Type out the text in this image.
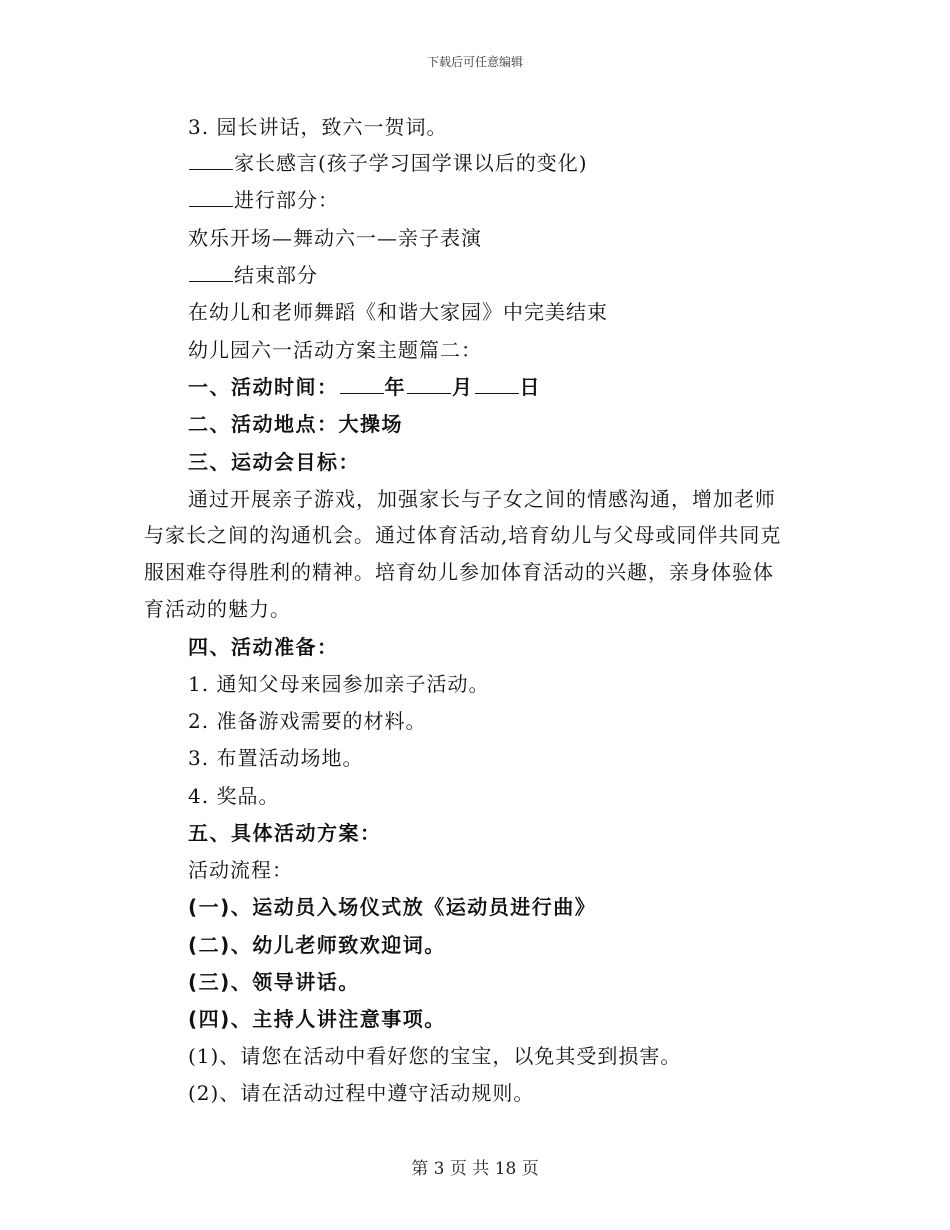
下载后可任意编辑
3. 园长讲话，致六一贺词。
家长感言(孩子学习国学课以后的变化)
进行部分：
欢乐开场—舞动六一—亲子表演
结束部分
在幼儿和老师舞蹈《和谐大家园》中完美结束
幼儿园六一活动方案主题篇二：
一、活动时间： 年 月 日
二、活动地点：大操场
三、运动会目标：
通过开展亲子游戏，加强家长与子女之间的情感沟通，增加老师
与家长之间的沟通机会。通过体育活动,培育幼儿与父母或同伴共同克
服困难夺得胜利的精神。培育幼儿参加体育活动的兴趣，亲身体验体
育活动的魅力。
四、活动准备：
1. 通知父母来园参加亲子活动。
2. 准备游戏需要的材料。
3. 布置活动场地。
4. 奖品。
五、具体活动方案：
活动流程：
(一)、运动员入场仪式放《运动员进行曲》
(二)、幼儿老师致欢迎词。
(三)、领导讲话。
(四)、主持人讲注意事项。
(1)、请您在活动中看好您的宝宝，以免其受到损害。
(2)、请在活动过程中遵守活动规则。
第 3 页 共 18 页
